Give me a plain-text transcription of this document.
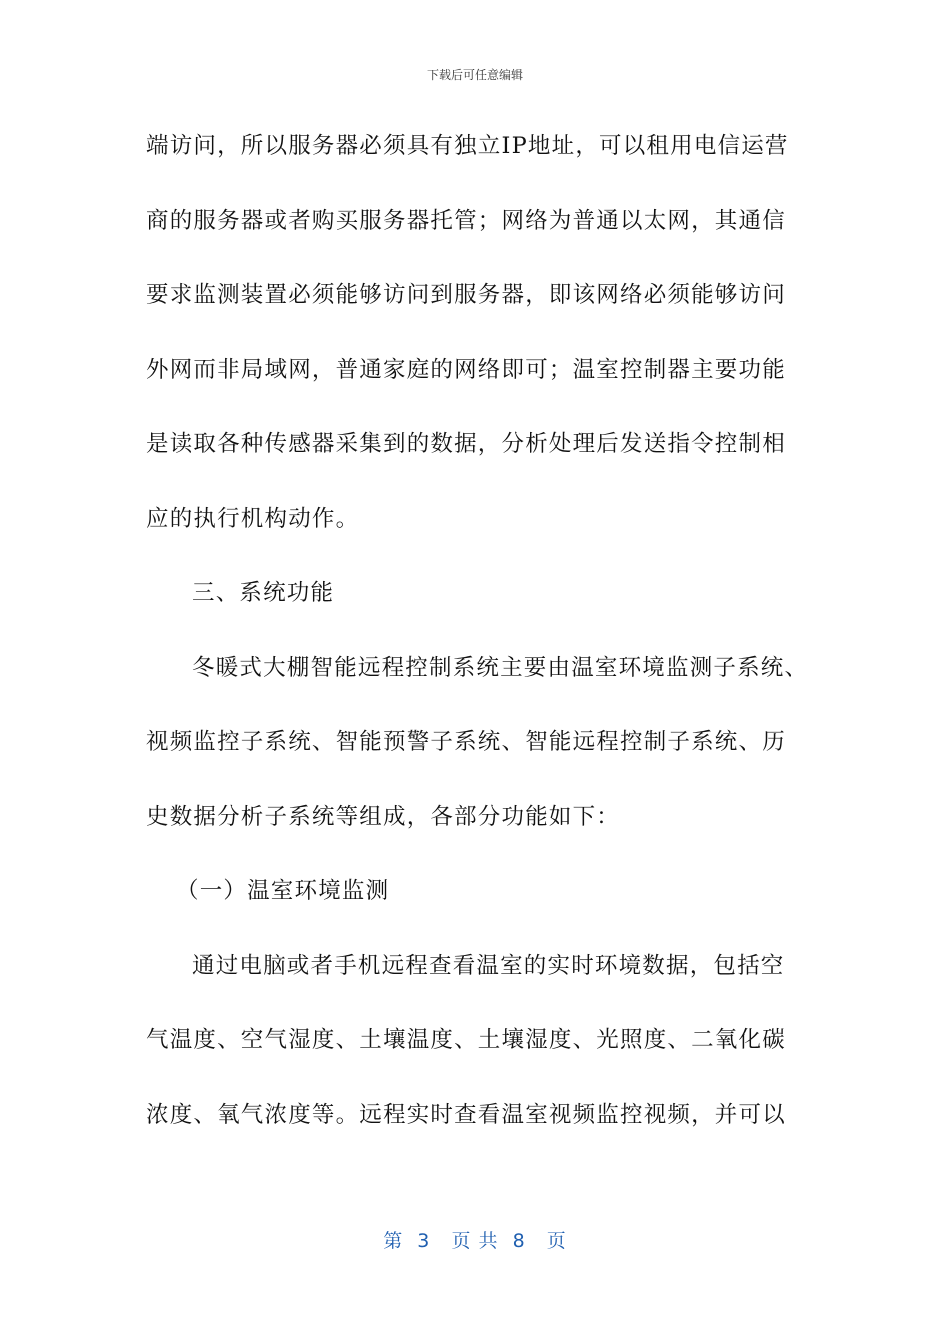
下载后可任意编辑
端访问，所以服务器必须具有独立IP地址，可以租用电信运营
商的服务器或者购买服务器托管；网络为普通以太网，其通信
要求监测装置必须能够访问到服务器，即该网络必须能够访问
外网而非局域网，普通家庭的网络即可；温室控制器主要功能
是读取各种传感器采集到的数据，分析处理后发送指令控制相
应的执行机构动作。
三、系统功能
冬暖式大棚智能远程控制系统主要由温室环境监测子系统、
视频监控子系统、智能预警子系统、智能远程控制子系统、历
史数据分析子系统等组成，各部分功能如下：
（一）温室环境监测
通过电脑或者手机远程查看温室的实时环境数据，包括空
气温度、空气湿度、土壤温度、土壤湿度、光照度、二氧化碳
浓度、氧气浓度等。远程实时查看温室视频监控视频，并可以
第  3   页 共  8   页
